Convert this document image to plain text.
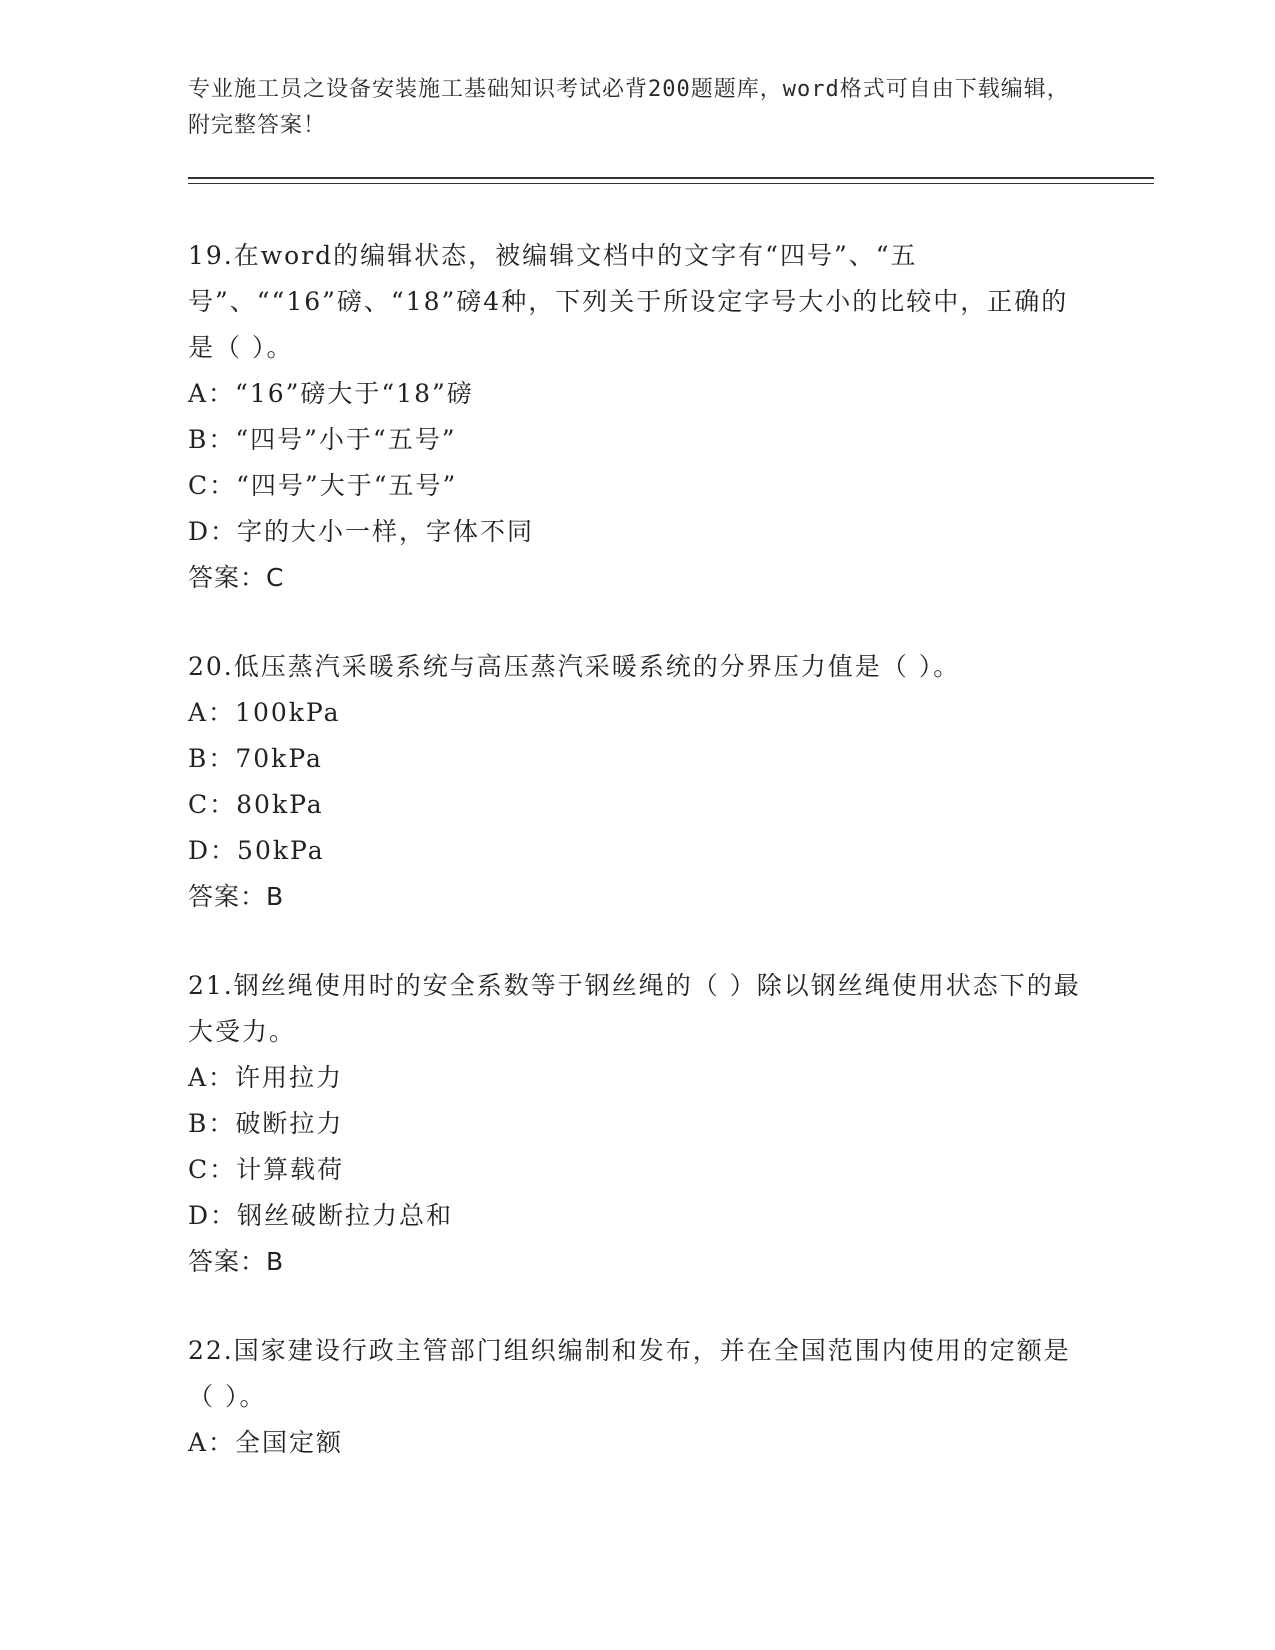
专业施工员之设备安装施工基础知识考试必背200题题库，word格式可自由下载编辑，附完整答案！
19.在word的编辑状态，被编辑文档中的文字有“四号”、“五号”、““16”磅、“18”磅4种，下列关于所设定字号大小的比较中，正确的是（ ）。
A：“16”磅大于“18”磅
B：“四号”小于“五号”
C：“四号”大于“五号”
D：字的大小一样，字体不同
答案：C
20.低压蒸汽采暖系统与高压蒸汽采暖系统的分界压力值是（ ）。
A：100kPa
B：70kPa
C：80kPa
D：50kPa
答案：B
21.钢丝绳使用时的安全系数等于钢丝绳的（ ）除以钢丝绳使用状态下的最大受力。
A：许用拉力
B：破断拉力
C：计算载荷
D：钢丝破断拉力总和
答案：B
22.国家建设行政主管部门组织编制和发布，并在全国范围内使用的定额是（ ）。
A：全国定额
